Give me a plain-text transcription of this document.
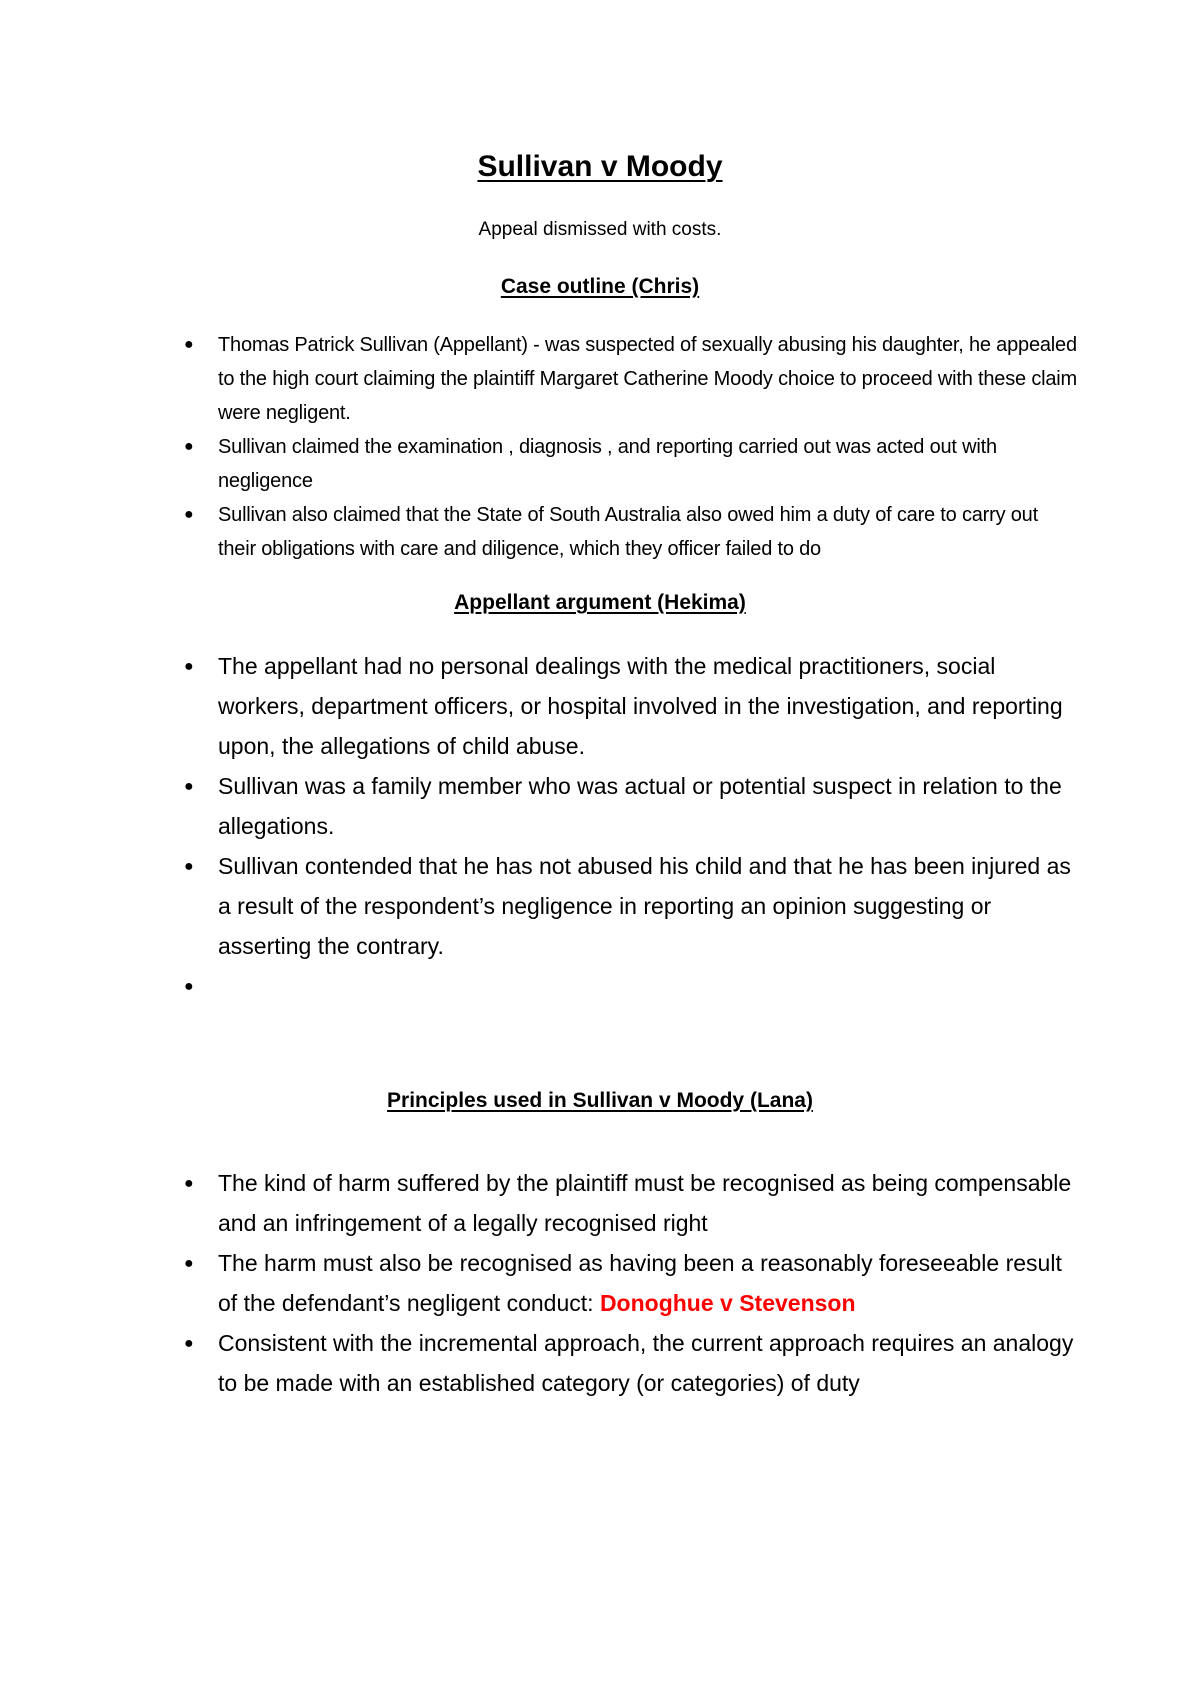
Sullivan v Moody

Appeal dismissed with costs.

Case outline (Chris)
● Thomas Patrick Sullivan (Appellant) - was suspected of sexually abusing his daughter, he appealed to the high court claiming the plaintiff Margaret Catherine Moody choice to proceed with these claim were negligent.
● Sullivan claimed the examination , diagnosis , and reporting carried out was acted out with negligence
● Sullivan also claimed that the State of South Australia also owed him a duty of care to carry out their obligations with care and diligence, which they officer failed to do
Appellant argument (Hekima)
● The appellant had no personal dealings with the medical practitioners, social workers, department officers, or hospital involved in the investigation, and reporting upon, the allegations of child abuse.
● Sullivan was a family member who was actual or potential suspect in relation to the allegations.
● Sullivan contended that he has not abused his child and that he has been injured as a result of the respondent’s negligence in reporting an opinion suggesting or asserting the contrary.
●
Principles used in Sullivan v Moody (Lana)
● The kind of harm suffered by the plaintiff must be recognised as being compensable and an infringement of a legally recognised right
● The harm must also be recognised as having been a reasonably foreseeable result of the defendant’s negligent conduct: Donoghue v Stevenson
● Consistent with the incremental approach, the current approach requires an analogy to be made with an established category (or categories) of duty
